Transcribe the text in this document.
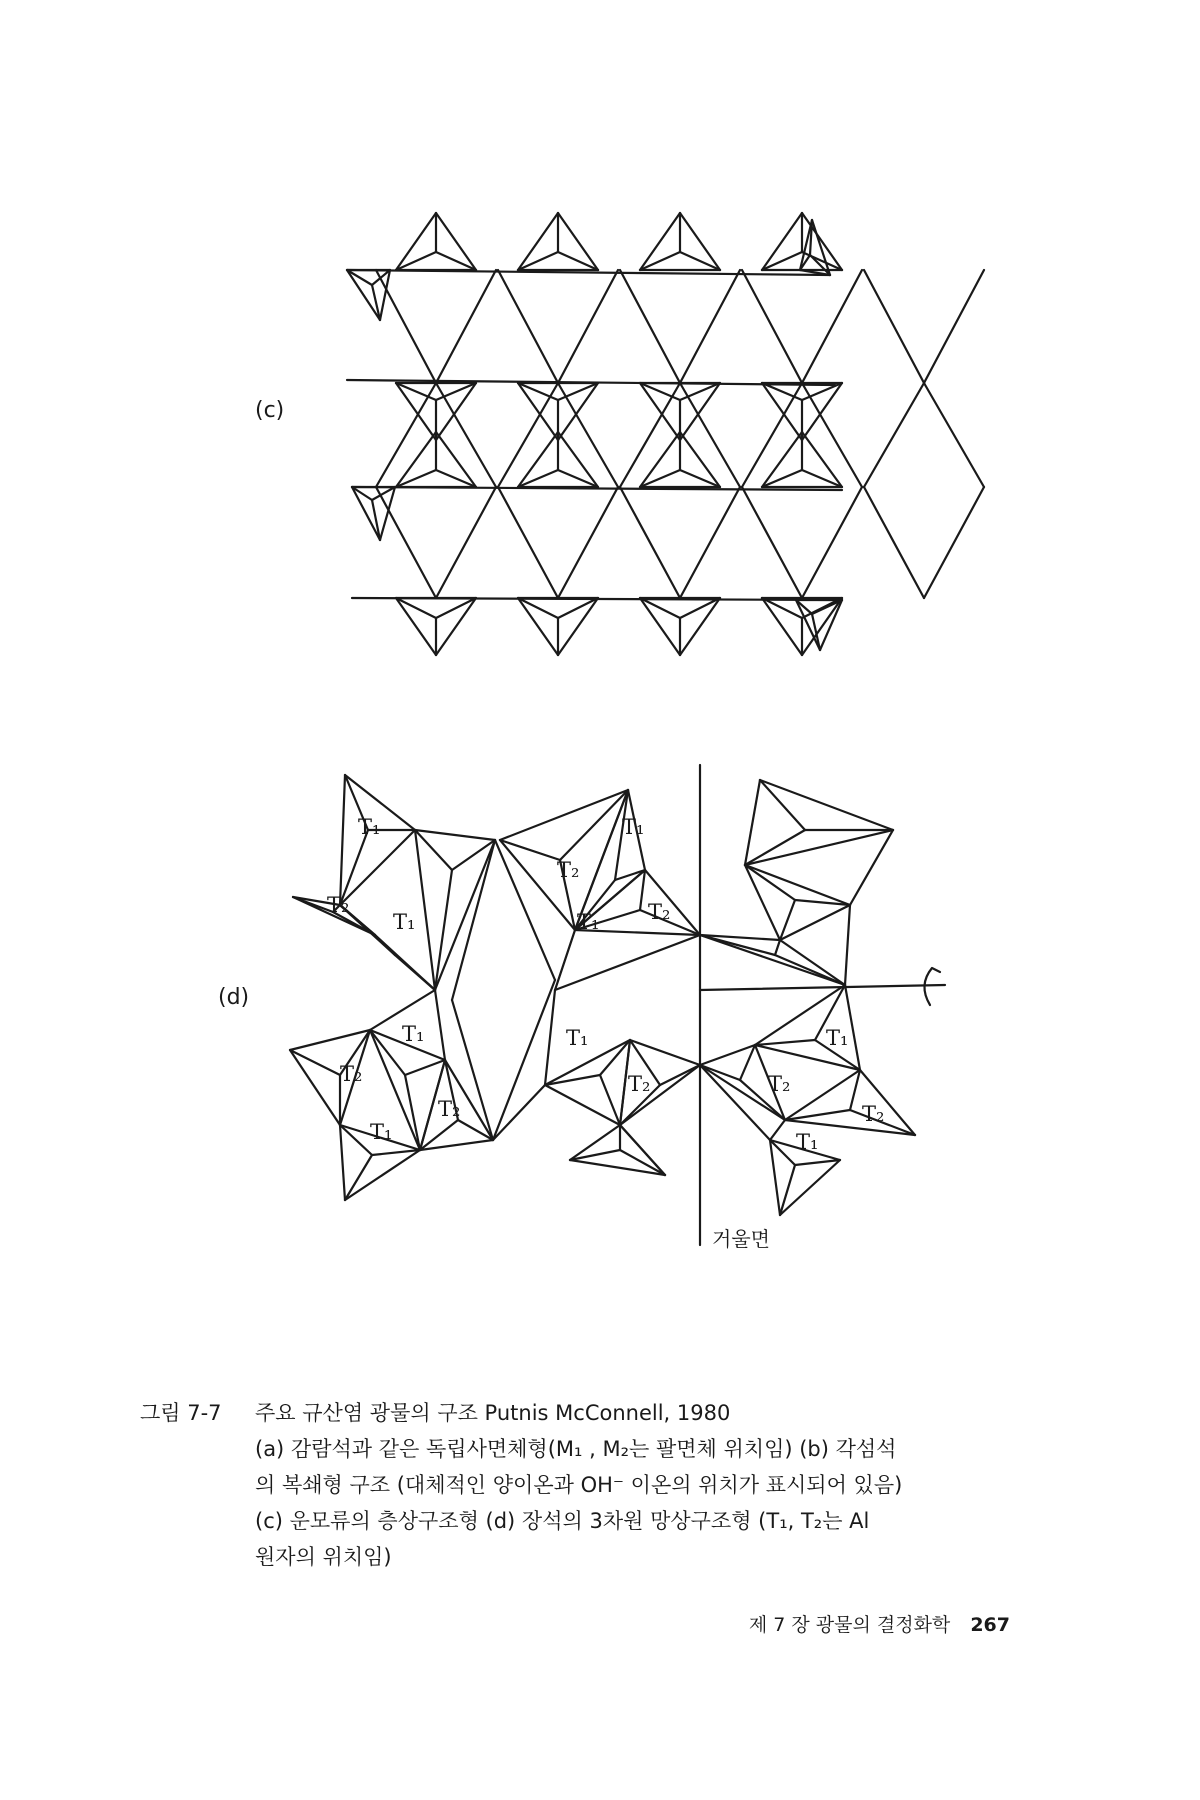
(c)
(d)
T₁	T₁
T₂
T₁
T₂
T₁ T₂
T₁	T₁	T₁
T₂
T₂
T₂	T₂
T₁
T₂
T₁
거울면
그림 7-7	주요 규산염 광물의 구조 Putnis McConnell, 1980
(a) 감람석과 같은 독립사면체형(M₁ , M₂는 팔면체 위치임) (b) 각섬석
의 복쇄형 구조 (대체적인 양이온과 OH⁻ 이온의 위치가 표시되어 있음)
(c) 운모류의 층상구조형 (d) 장석의 3차원 망상구조형 (T₁, T₂는 Al
원자의 위치임)
제 7 장 광물의 결정화학 267
